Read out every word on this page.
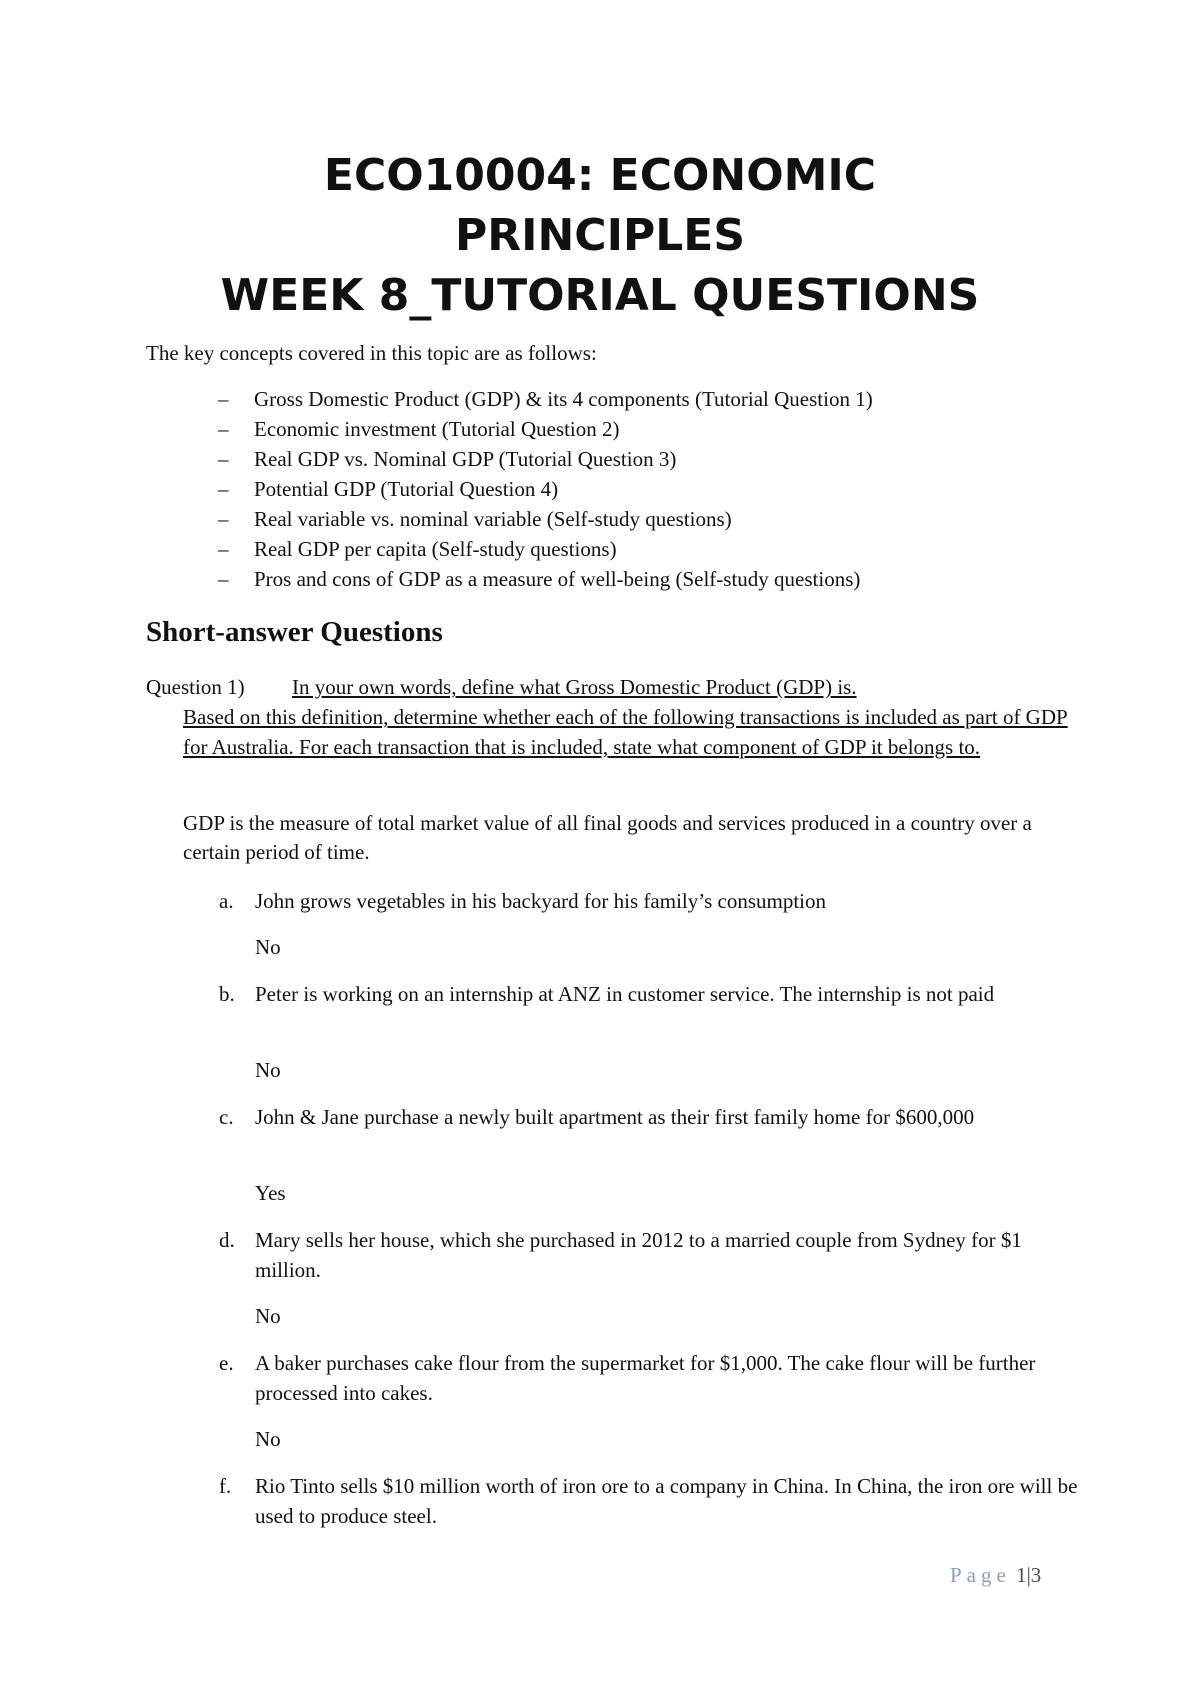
ECO10004: ECONOMIC
PRINCIPLES
WEEK 8_TUTORIAL QUESTIONS
The key concepts covered in this topic are as follows:
–	Gross Domestic Product (GDP) & its 4 components (Tutorial Question 1)
–	Economic investment (Tutorial Question 2)
–	Real GDP vs. Nominal GDP (Tutorial Question 3)
–	Potential GDP (Tutorial Question 4)
–	Real variable vs. nominal variable (Self-study questions)
–	Real GDP per capita (Self-study questions)
–	Pros and cons of GDP as a measure of well-being (Self-study questions)
Short-answer Questions
Question 1) In your own words, define what Gross Domestic Product (GDP) is.
Based on this definition, determine whether each of the following transactions is included as part of GDP for Australia. For each transaction that is included, state what component of GDP it belongs to.
GDP is the measure of total market value of all final goods and services produced in a country over a certain period of time.
a. John grows vegetables in his backyard for his family’s consumption
No
b. Peter is working on an internship at ANZ in customer service. The internship is not paid
No
c. John & Jane purchase a newly built apartment as their first family home for $600,000
Yes
d. Mary sells her house, which she purchased in 2012 to a married couple from Sydney for $1 million.
No
e. A baker purchases cake flour from the supermarket for $1,000. The cake flour will be further processed into cakes.
No
f. Rio Tinto sells $10 million worth of iron ore to a company in China. In China, the iron ore will be used to produce steel.
Page 1|3
